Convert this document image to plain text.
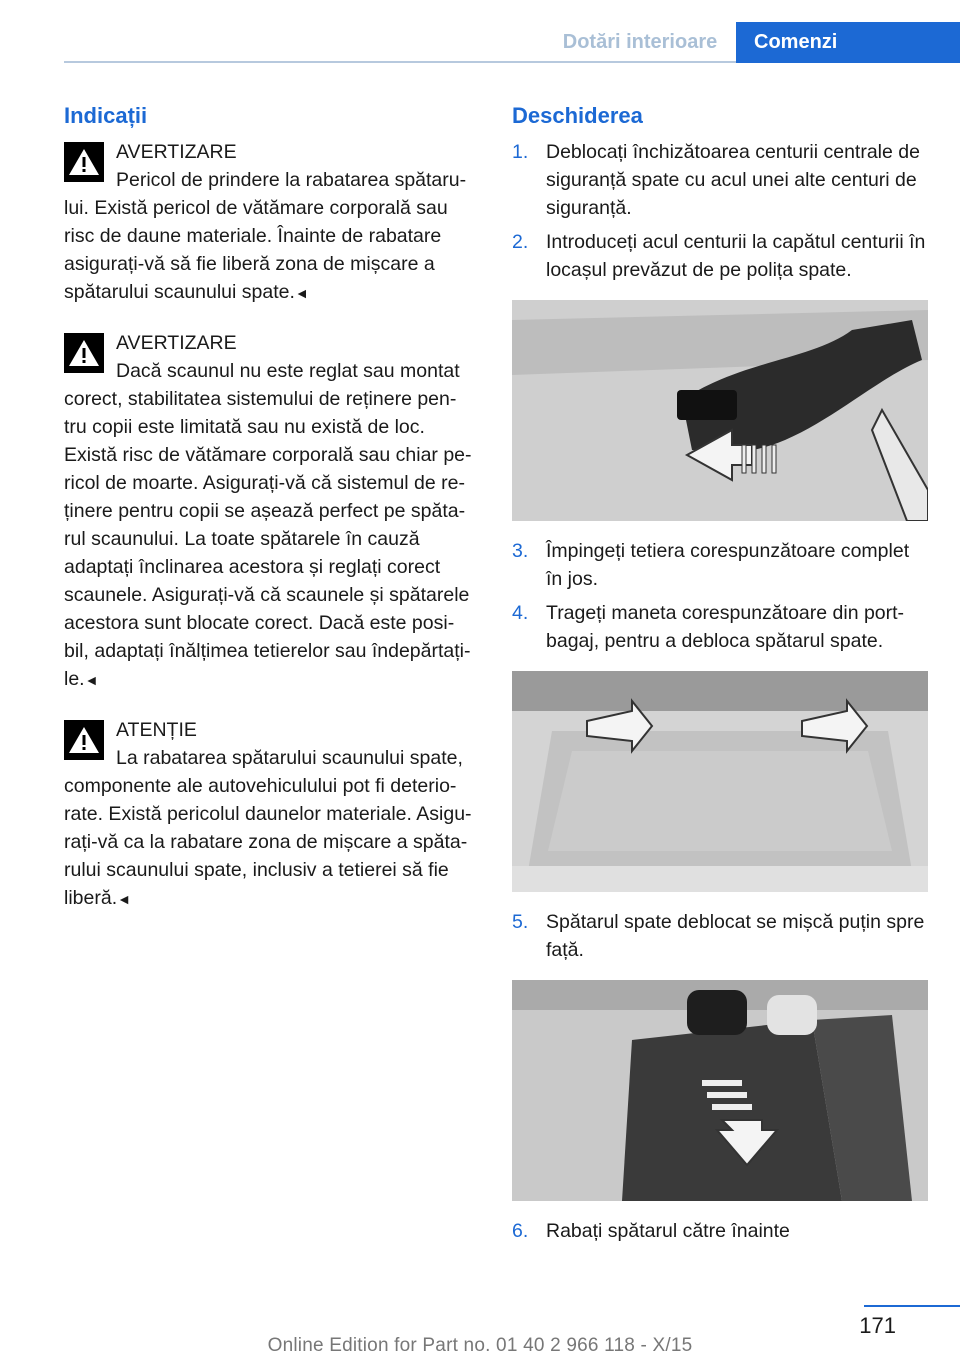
Dotări interioare	Comenzi
Indicații
AVERTIZARE
Pericol de prindere la rabatarea spătaru‐

lui. Există pericol de vătămare corporală sau risc de daune materiale. Înainte de rabatare asigurați-vă să fie liberă zona de mișcare a spătarului scaunului spate.◄

AVERTIZARE
Dacă scaunul nu este reglat sau montat

corect, stabilitatea sistemului de reținere pen‐tru copii este limitată sau nu există de loc. Există risc de vătămare corporală sau chiar pe‐ricol de moarte. Asigurați-vă că sistemul de re‐ținere pentru copii se așează perfect pe spăta‐rul scaunului. La toate spătarele în cauză adaptați înclinarea acestora și reglați corect scaunele. Asigurați-vă că scaunele și spătarele acestora sunt blocate corect. Dacă este posi‐bil, adaptați înălțimea tetierelor sau îndepărtați-le.◄

ATENȚIE
La rabatarea spătarului scaunului spate,

componente ale autovehiculului pot fi deterio‐rate. Există pericolul daunelor materiale. Asigu‐rați-vă ca la rabatare zona de mișcare a spăta‐rului scaunului spate, inclusiv a tetierei să fie liberă.◄

Deschiderea
1. Deblocați închizătoarea centurii centrale de siguranță spate cu acul unei alte centuri de siguranță.
2. Introduceți acul centurii la capătul centurii în locașul prevăzut de pe polița spate.
3. Împingeți tetiera corespunzătoare complet în jos.
4. Trageți maneta corespunzătoare din port‐bagaj, pentru a debloca spătarul spate.
5. Spătarul spate deblocat se mișcă puțin spre față.
6. Rabați spătarul către înainte
171
Online Edition for Part no. 01 40 2 966 118 - X/15
